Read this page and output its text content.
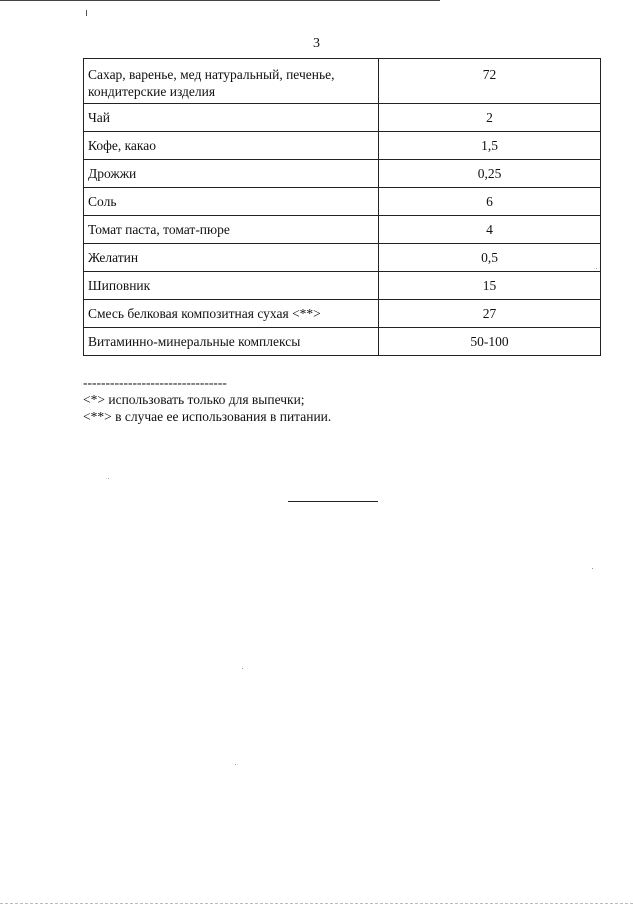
3
Сахар, варенье, мед натуральный, печенье, кондитерские изделия	72
Чай	2
Кофе, какао	1,5
Дрожжи	0,25
Соль	6
Томат паста, томат-пюре	4
Желатин	0,5
Шиповник	15
Смесь белковая композитная сухая <**>	27
Витаминно-минеральные комплексы	50-100
--------------------------------
<*> использовать только для выпечки;
<**> в случае ее использования в питании.
